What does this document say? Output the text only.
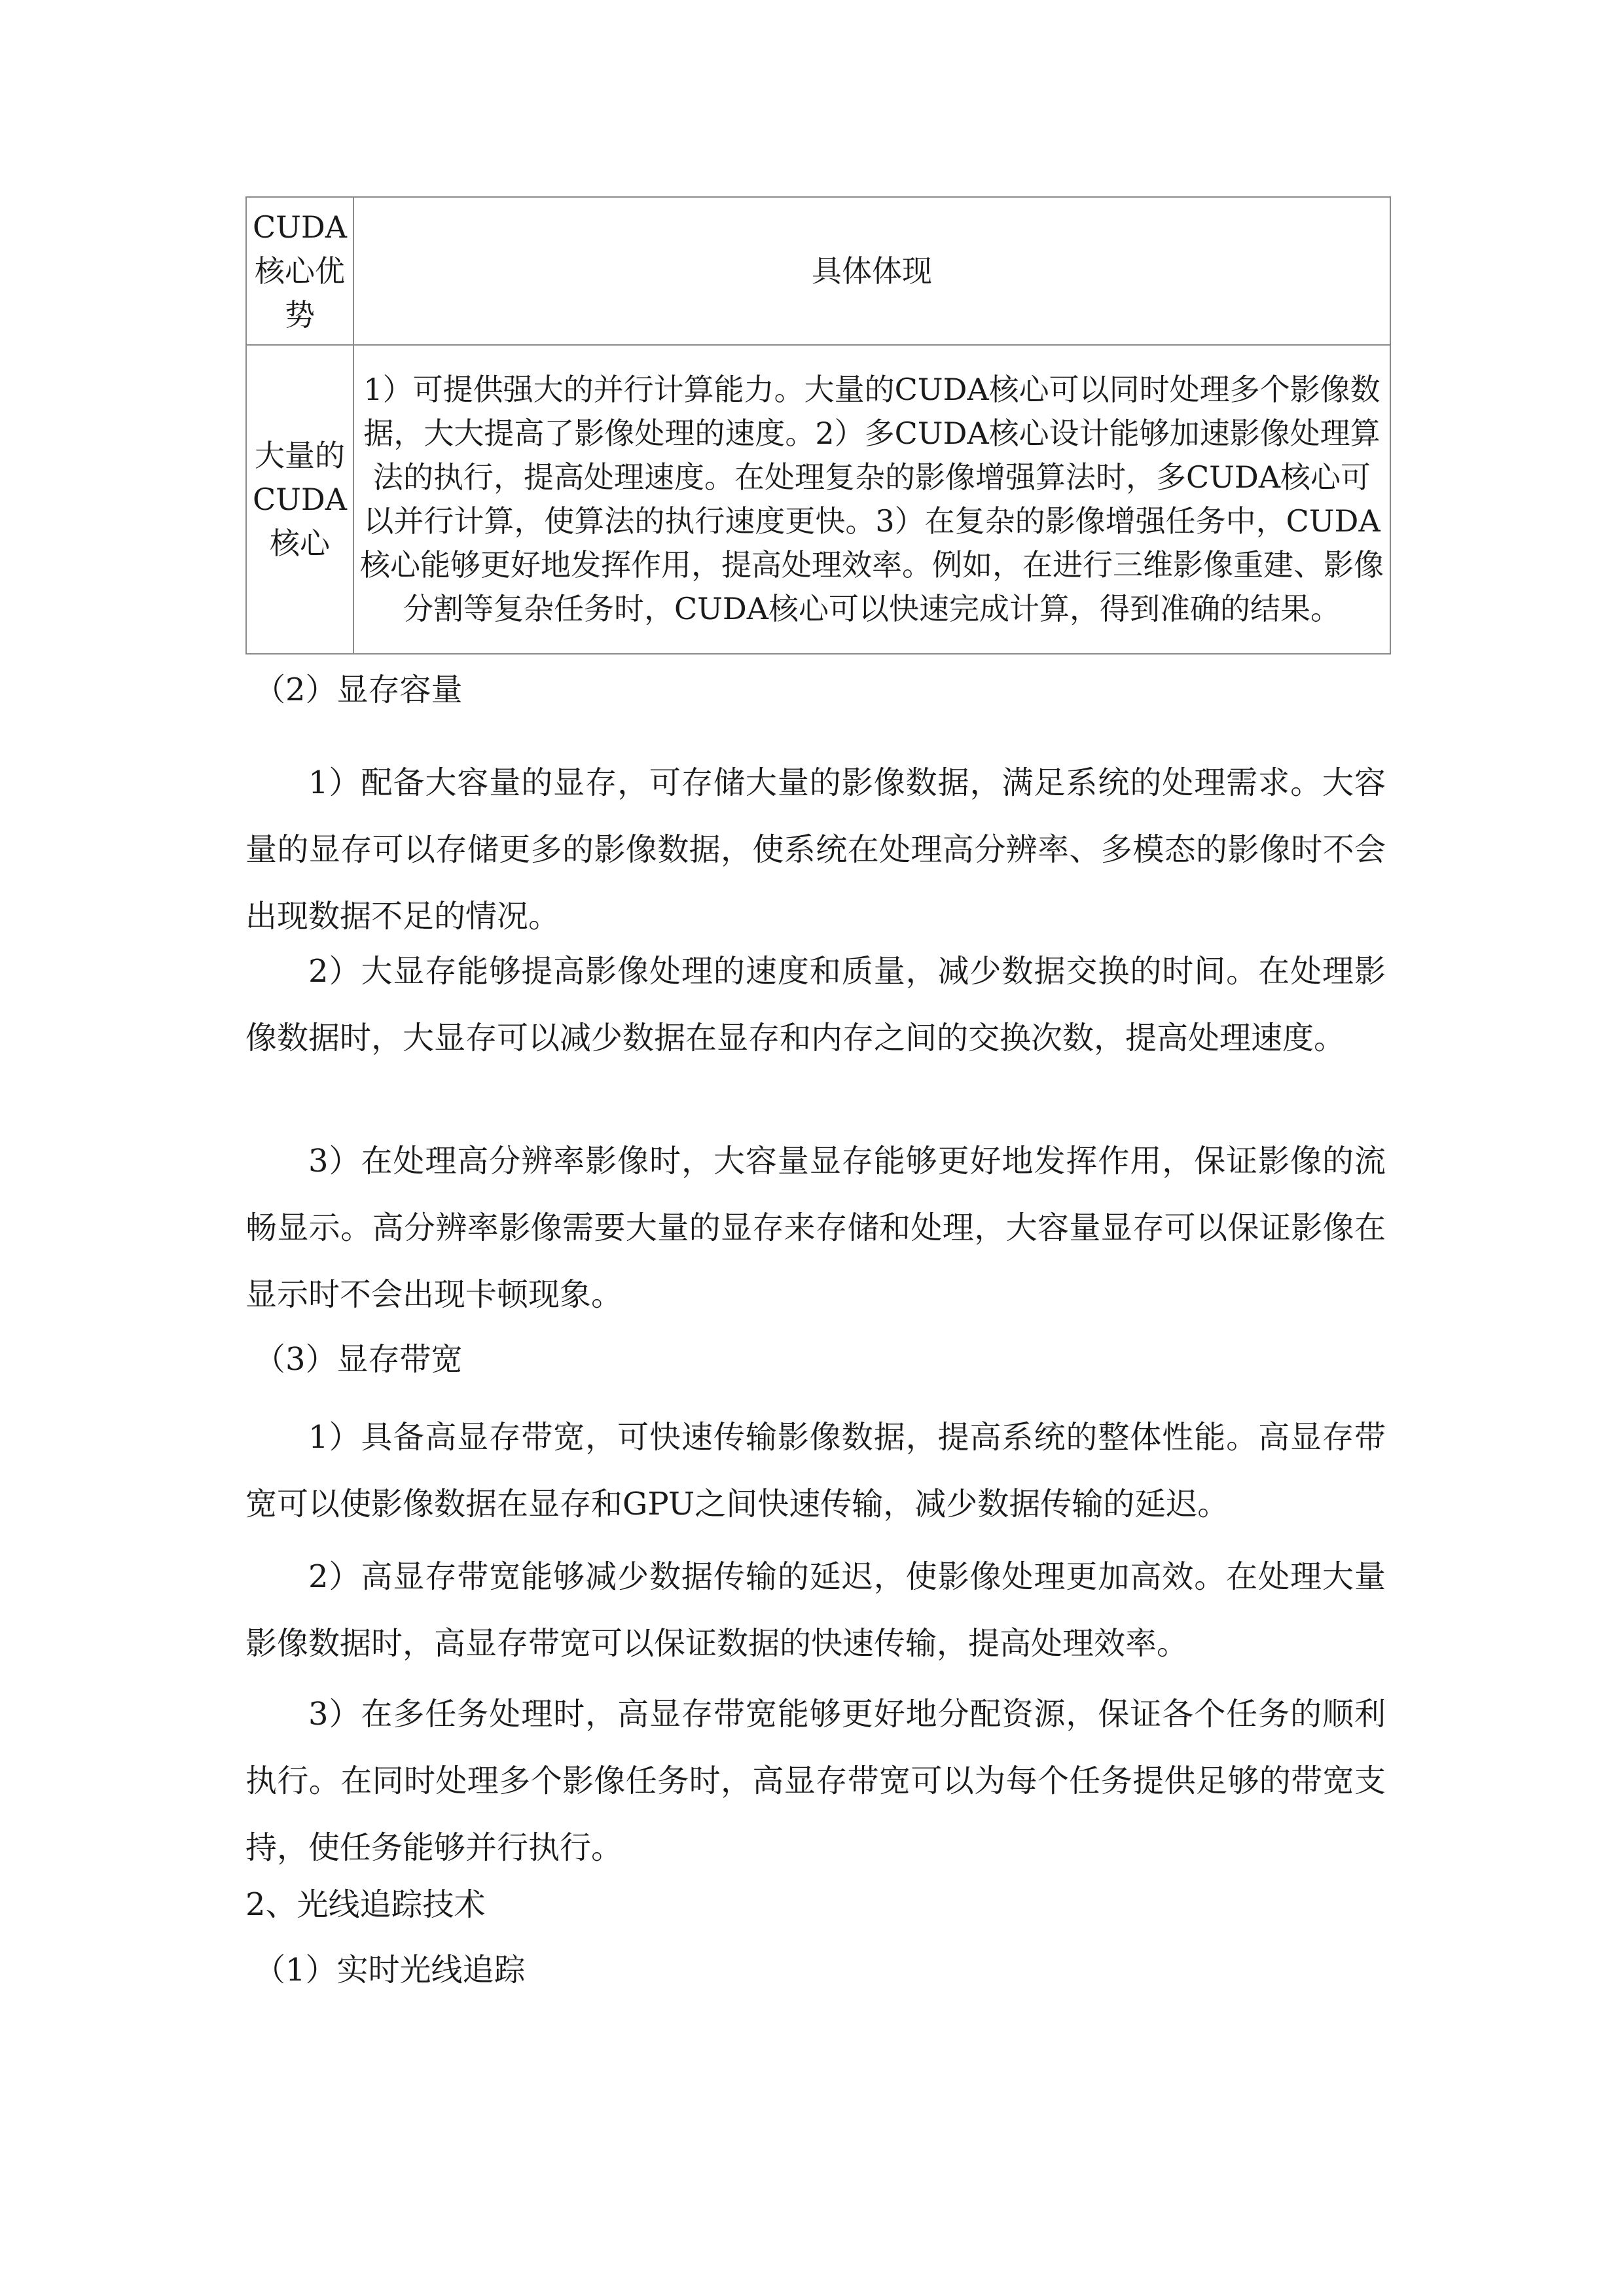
CUDA核心优势	具体体现

大量的CUDA核心	1）可提供强大的并行计算能力。大量的CUDA核心可以同时处理多个影像数据，大大提高了影像处理的速度。2）多CUDA核心设计能够加速影像处理算法的执行，提高处理速度。在处理复杂的影像增强算法时，多CUDA核心可以并行计算，使算法的执行速度更快。3）在复杂的影像增强任务中，CUDA核心能够更好地发挥作用，提高处理效率。例如，在进行三维影像重建、影像分割等复杂任务时，CUDA核心可以快速完成计算，得到准确的结果。
（2）显存容量

1）配备大容量的显存，可存储大量的影像数据，满足系统的处理需求。大容量的显存可以存储更多的影像数据，使系统在处理高分辨率、多模态的影像时不会出现数据不足的情况。

2）大显存能够提高影像处理的速度和质量，减少数据交换的时间。在处理影像数据时，大显存可以减少数据在显存和内存之间的交换次数，提高处理速度。

3）在处理高分辨率影像时，大容量显存能够更好地发挥作用，保证影像的流畅显示。高分辨率影像需要大量的显存来存储和处理，大容量显存可以保证影像在显示时不会出现卡顿现象。

（3）显存带宽

1）具备高显存带宽，可快速传输影像数据，提高系统的整体性能。高显存带宽可以使影像数据在显存和GPU之间快速传输，减少数据传输的延迟。

2）高显存带宽能够减少数据传输的延迟，使影像处理更加高效。在处理大量影像数据时，高显存带宽可以保证数据的快速传输，提高处理效率。

3）在多任务处理时，高显存带宽能够更好地分配资源，保证各个任务的顺利执行。在同时处理多个影像任务时，高显存带宽可以为每个任务提供足够的带宽支持，使任务能够并行执行。

2、光线追踪技术
（1）实时光线追踪
